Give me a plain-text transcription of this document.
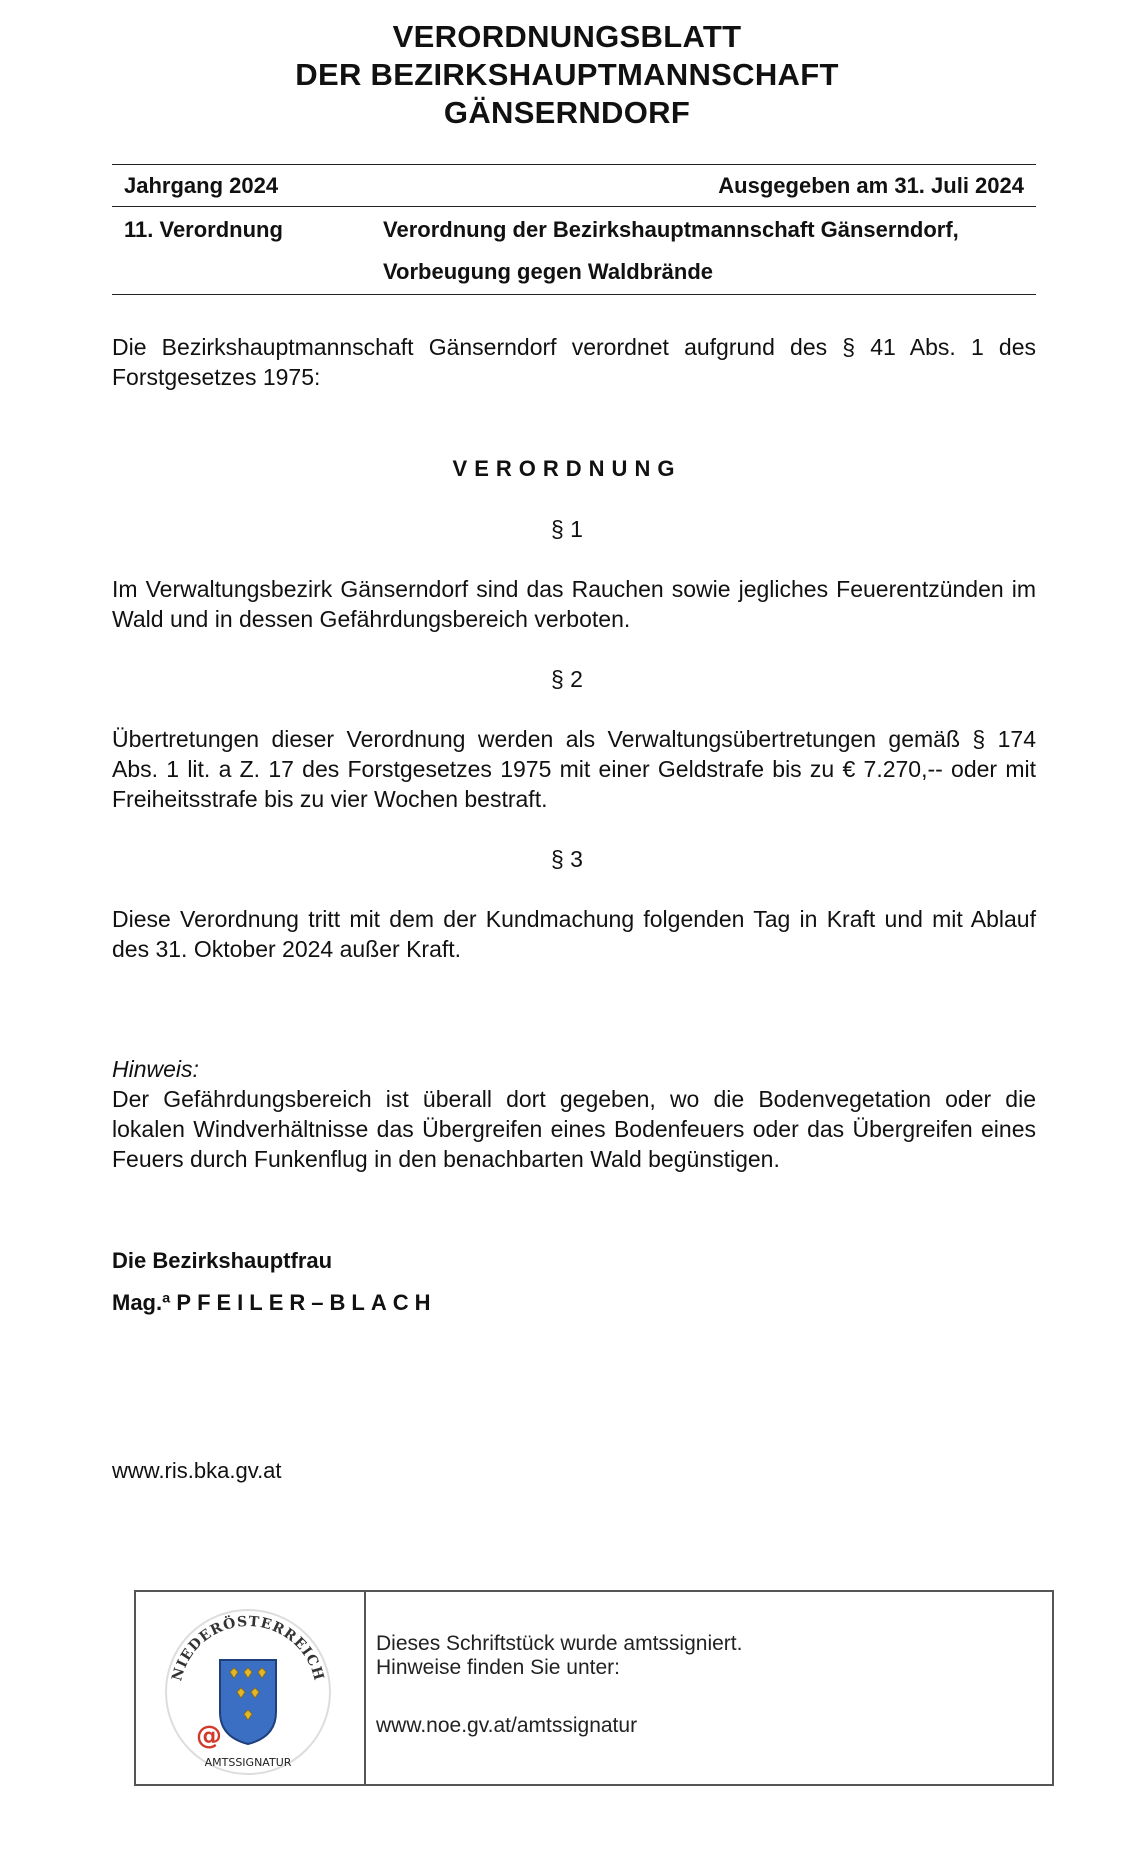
VERORDNUNGSBLATT
DER BEZIRKSHAUPTMANNSCHAFT
GÄNSERNDORF
Jahrgang 2024	Ausgegeben am 31. Juli 2024
11. Verordnung	Verordnung der Bezirkshauptmannschaft Gänserndorf,
Vorbeugung gegen Waldbrände
Die Bezirkshauptmannschaft Gänserndorf verordnet aufgrund des § 41 Abs. 1 des Forstgesetzes 1975:
VERORDNUNG
§ 1
Im Verwaltungsbezirk Gänserndorf sind das Rauchen sowie jegliches Feuerentzünden im Wald und in dessen Gefährdungsbereich verboten.
§ 2
Übertretungen dieser Verordnung werden als Verwaltungsübertretungen gemäß § 174 Abs. 1 lit. a Z. 17 des Forstgesetzes 1975 mit einer Geldstrafe bis zu € 7.270,-- oder mit Freiheitsstrafe bis zu vier Wochen bestraft.
§ 3
Diese Verordnung tritt mit dem der Kundmachung folgenden Tag in Kraft und mit Ablauf des 31. Oktober 2024 außer Kraft.
Hinweis:
Der Gefährdungsbereich ist überall dort gegeben, wo die Bodenvegetation oder die lokalen Windverhältnisse das Übergreifen eines Bodenfeuers oder das Übergreifen eines Feuers durch Funkenflug in den benachbarten Wald begünstigen.
Die Bezirkshauptfrau
Mag.ª PFEILER–BLACH
www.ris.bka.gv.at
NIEDERÖSTERREICH
@
AMTSSIGNATUR
Dieses Schriftstück wurde amtssigniert.
Hinweise finden Sie unter:
www.noe.gv.at/amtssignatur
